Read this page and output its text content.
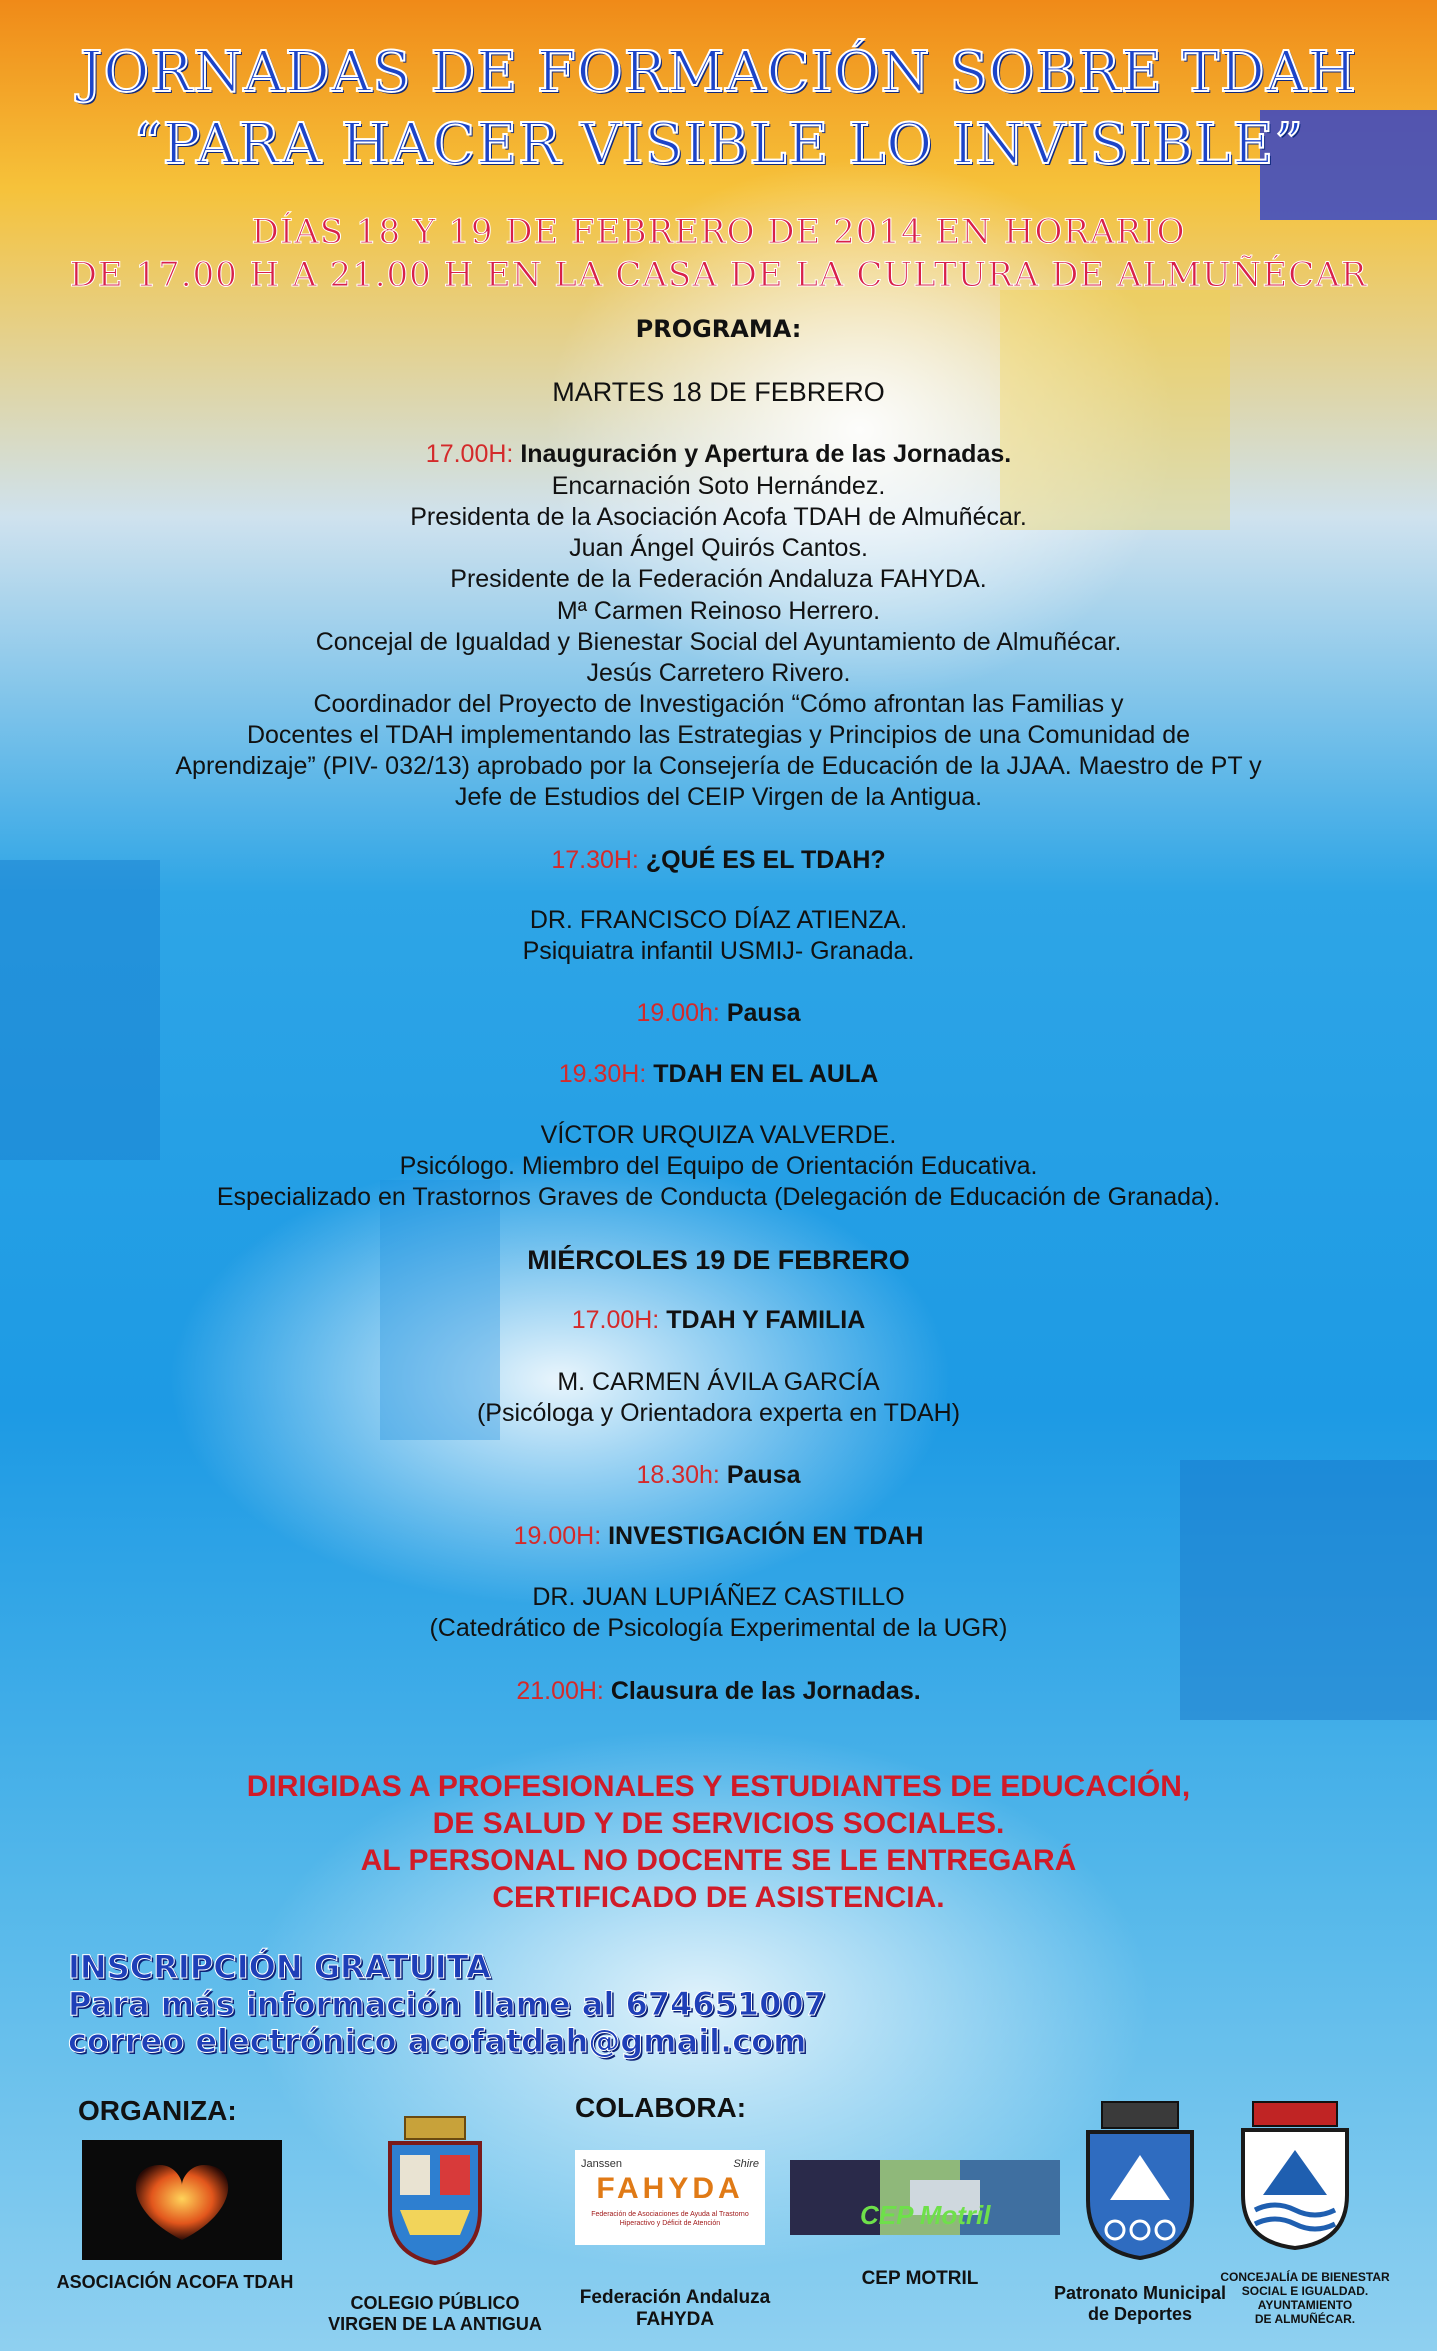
JORNADAS DE FORMACIÓN SOBRE TDAH
“PARA HACER VISIBLE LO INVISIBLE”
DÍAS 18 Y 19 DE FEBRERO DE 2014 EN HORARIO
DE 17.00 H A 21.00 H EN LA CASA DE LA CULTURA DE ALMUÑÉCAR
PROGRAMA:
MARTES 18 DE FEBRERO
17.00H: Inauguración y Apertura de las Jornadas.
Encarnación Soto Hernández.
Presidenta de la Asociación Acofa TDAH de Almuñécar.
Juan Ángel Quirós Cantos.
Presidente de la Federación Andaluza FAHYDA.
Mª Carmen Reinoso Herrero.
Concejal de Igualdad y Bienestar Social del Ayuntamiento de Almuñécar.
Jesús Carretero Rivero.
Coordinador del Proyecto de Investigación “Cómo afrontan las Familias y
Docentes el TDAH implementando las Estrategias y Principios de una Comunidad de
Aprendizaje” (PIV- 032/13) aprobado por la Consejería de Educación de la JJAA. Maestro de PT y
Jefe de Estudios del CEIP Virgen de la Antigua.
17.30H: ¿QUÉ ES EL TDAH?
DR. FRANCISCO DÍAZ ATIENZA.
Psiquiatra infantil USMIJ- Granada.
19.00h: Pausa
19.30H: TDAH EN EL AULA
VÍCTOR URQUIZA VALVERDE.
Psicólogo. Miembro del Equipo de Orientación Educativa.
Especializado en Trastornos Graves de Conducta (Delegación de Educación de Granada).
MIÉRCOLES 19 DE FEBRERO
17.00H: TDAH Y FAMILIA
M. CARMEN ÁVILA GARCÍA
(Psicóloga y Orientadora experta en TDAH)
18.30h: Pausa
19.00H: INVESTIGACIÓN EN TDAH
DR. JUAN LUPIÁÑEZ CASTILLO
(Catedrático de Psicología Experimental de la UGR)
21.00H: Clausura de las Jornadas.
DIRIGIDAS A PROFESIONALES Y ESTUDIANTES DE EDUCACIÓN,
DE SALUD Y DE SERVICIOS SOCIALES.
AL PERSONAL NO DOCENTE SE LE ENTREGARÁ
CERTIFICADO DE ASISTENCIA.
INSCRIPCIÓN GRATUITA
Para más información llame al 674651007
correo electrónico acofatdah@gmail.com
ORGANIZA:	COLABORA:
ASOCIACIÓN ACOFA TDAH

COLEGIO PÚBLICO
VIRGEN DE LA ANTIGUA

Janssen	Shire
FAHYDA
Federación de Asociaciones de Ayuda al Trastorno Hiperactivo y Déficit de Atención

Federación Andaluza
FAHYDA

CEP Motril
CEP MOTRIL

Patronato Municipal
de Deportes

CONCEJALÍA DE BIENESTAR
SOCIAL E IGUALDAD.
AYUNTAMIENTO
DE ALMUÑÉCAR.
